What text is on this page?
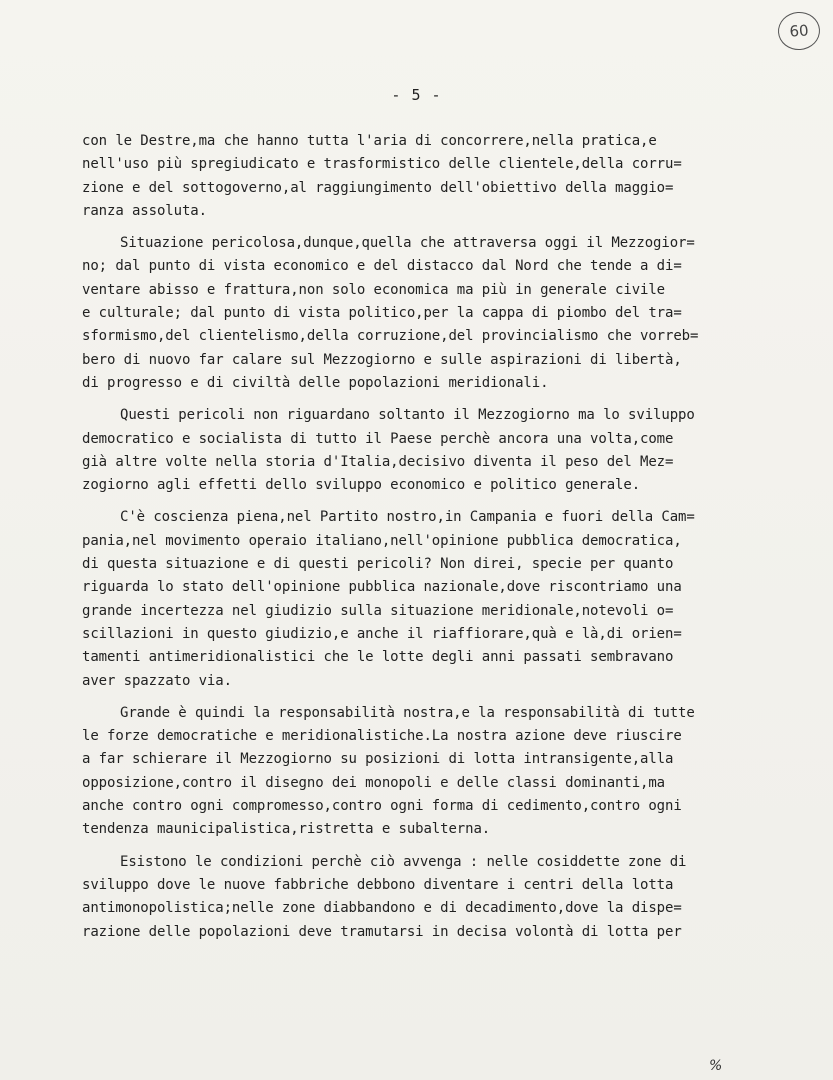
60
- 5 -
con le Destre,ma che hanno tutta l'aria di concorrere,nella pratica,e
nell'uso più spregiudicato e trasformistico delle clientele,della corru=
zione e del sottogoverno,al raggiungimento dell'obiettivo della maggio=
ranza assoluta.
Situazione pericolosa,dunque,quella che attraversa oggi il Mezzogior=
no; dal punto di vista economico e del distacco dal Nord che tende a di=
ventare abisso e frattura,non solo economica ma più in generale civile
e culturale; dal punto di vista politico,per la cappa di piombo del tra=
sformismo,del clientelismo,della corruzione,del provincialismo che vorreb=
bero di nuovo far calare sul Mezzogiorno e sulle aspirazioni di libertà,
di progresso e di civiltà delle popolazioni meridionali.
Questi pericoli non riguardano soltanto il Mezzogiorno ma lo sviluppo
democratico e socialista di tutto il Paese perchè ancora una volta,come
già altre volte nella storia d'Italia,decisivo diventa il peso del Mez=
zogiorno agli effetti dello sviluppo economico e politico generale.
C'è coscienza piena,nel Partito nostro,in Campania e fuori della Cam=
pania,nel movimento operaio italiano,nell'opinione pubblica democratica,
di questa situazione e di questi pericoli? Non direi, specie per quanto
riguarda lo stato dell'opinione pubblica nazionale,dove riscontriamo una
grande incertezza nel giudizio sulla situazione meridionale,notevoli o=
scillazioni in questo giudizio,e anche il riaffiorare,quà e là,di orien=
tamenti antimeridionalistici che le lotte degli anni passati sembravano
aver spazzato via.
Grande è quindi la responsabilità nostra,e la responsabilità di tutte
le forze democratiche e meridionalistiche.La nostra azione deve riuscire
a far schierare il Mezzogiorno su posizioni di lotta intransigente,alla
opposizione,contro il disegno dei monopoli e delle classi dominanti,ma
anche contro ogni compromesso,contro ogni forma di cedimento,contro ogni
tendenza maunicipalistica,ristretta e subalterna.
Esistono le condizioni perchè ciò avvenga : nelle cosiddette zone di
sviluppo dove le nuove fabbriche debbono diventare i centri della lotta
antimonopolistica;nelle zone diabbandono e di decadimento,dove la dispe=
razione delle popolazioni deve tramutarsi in decisa volontà di lotta per
%
